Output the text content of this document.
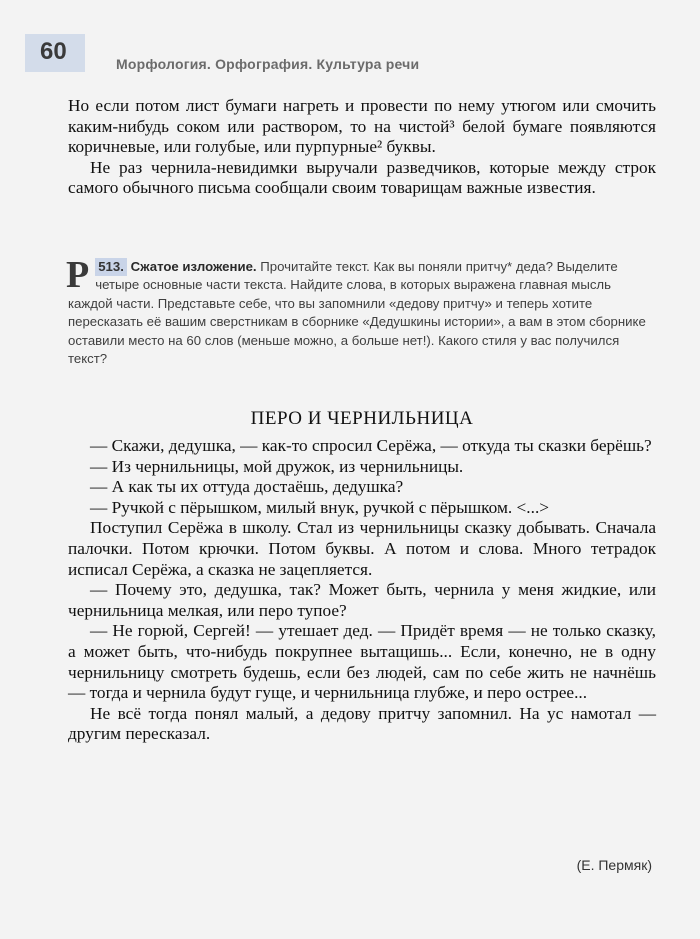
60	Морфология. Орфография. Культура речи

Но если потом лист бумаги нагреть и провести по нему утюгом или смочить каким-нибудь соком или раствором, то на чистой³ белой бумаге появляются коричневые, или голубые, или пурпурные² буквы.

Не раз чернила-невидимки выручали разведчиков, которые между строк самого обычного письма сообщали своим товарищам важные известия.

Р 513. Сжатое изложение. Прочитайте текст. Как вы поняли притчу* деда? Выделите четыре основные части текста. Найдите слова, в которых выражена главная мысль каждой части. Представьте себе, что вы запомнили «дедову притчу» и теперь хотите пересказать её вашим сверстникам в сборнике «Дедушкины истории», а вам в этом сборнике оставили место на 60 слов (меньше можно, а больше нет!). Какого стиля у вас получился текст?

ПЕРО И ЧЕРНИЛЬНИЦА

— Скажи, дедушка, — как-то спросил Серёжа, — откуда ты сказки берёшь?

— Из чернильницы, мой дружок, из чернильницы.

— А как ты их оттуда достаёшь, дедушка?

— Ручкой с пёрышком, милый внук, ручкой с пёрышком. <...>

Поступил Серёжа в школу. Стал из чернильницы сказку добывать. Сначала палочки. Потом крючки. Потом буквы. А потом и слова. Много тетрадок исписал Серёжа, а сказка не зацепляется.

— Почему это, дедушка, так? Может быть, чернила у меня жидкие, или чернильница мелкая, или перо тупое?

— Не горюй, Сергей! — утешает дед. — Придёт время — не только сказку, а может быть, что-нибудь покрупнее вытащишь... Если, конечно, не в одну чернильницу смотреть будешь, если без людей, сам по себе жить не начнёшь — тогда и чернила будут гуще, и чернильница глубже, и перо острее...

Не всё тогда понял малый, а дедову притчу запомнил. На ус намотал — другим пересказал.

(Е. Пермяк)
